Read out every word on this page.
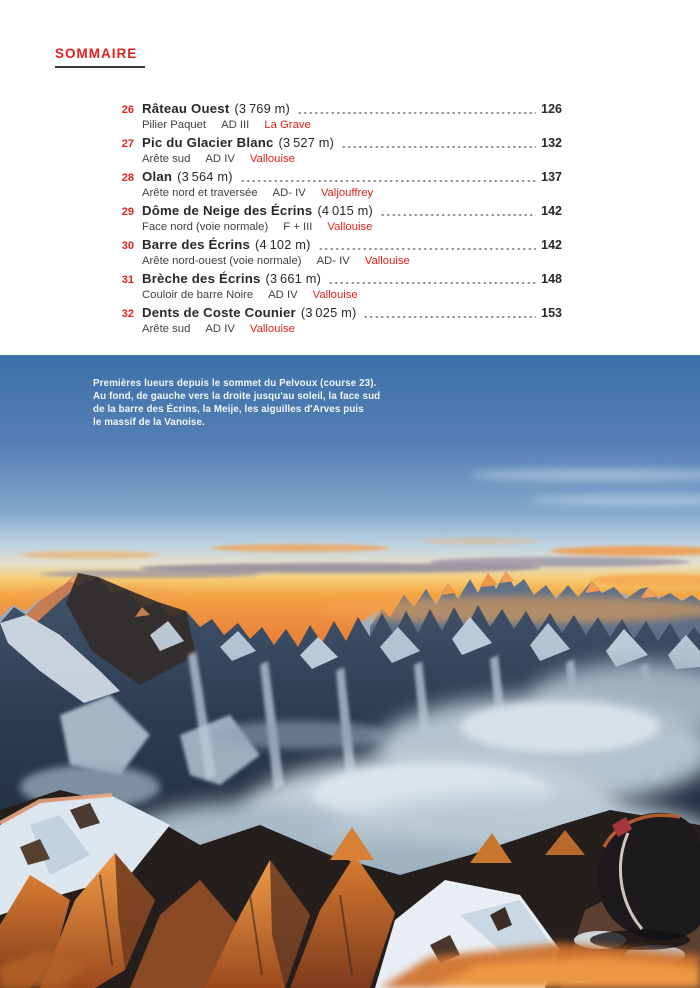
SOMMAIRE
26 Râteau Ouest (3 769 m)	126
Pilier Paquet AD III La Grave
27 Pic du Glacier Blanc (3 527 m)	132
Arête sud AD IV Vallouise
28 Olan (3 564 m)	137
Arête nord et traversée AD- IV Valjouffrey
29 Dôme de Neige des Écrins (4 015 m)	142
Face nord (voie normale) F + III Vallouise
30 Barre des Écrins (4 102 m)	142
Arête nord-ouest (voie normale) AD- IV Vallouise
31 Brèche des Écrins (3 661 m)	148
Couloir de barre Noire AD IV Vallouise
32 Dents de Coste Counier (3 025 m)	153
Arête sud AD IV Vallouise
Premières lueurs depuis le sommet du Pelvoux (course 23).
Au fond, de gauche vers la droite jusqu'au soleil, la face sud
de la barre des Écrins, la Meije, les aiguilles d'Arves puis
le massif de la Vanoise.
